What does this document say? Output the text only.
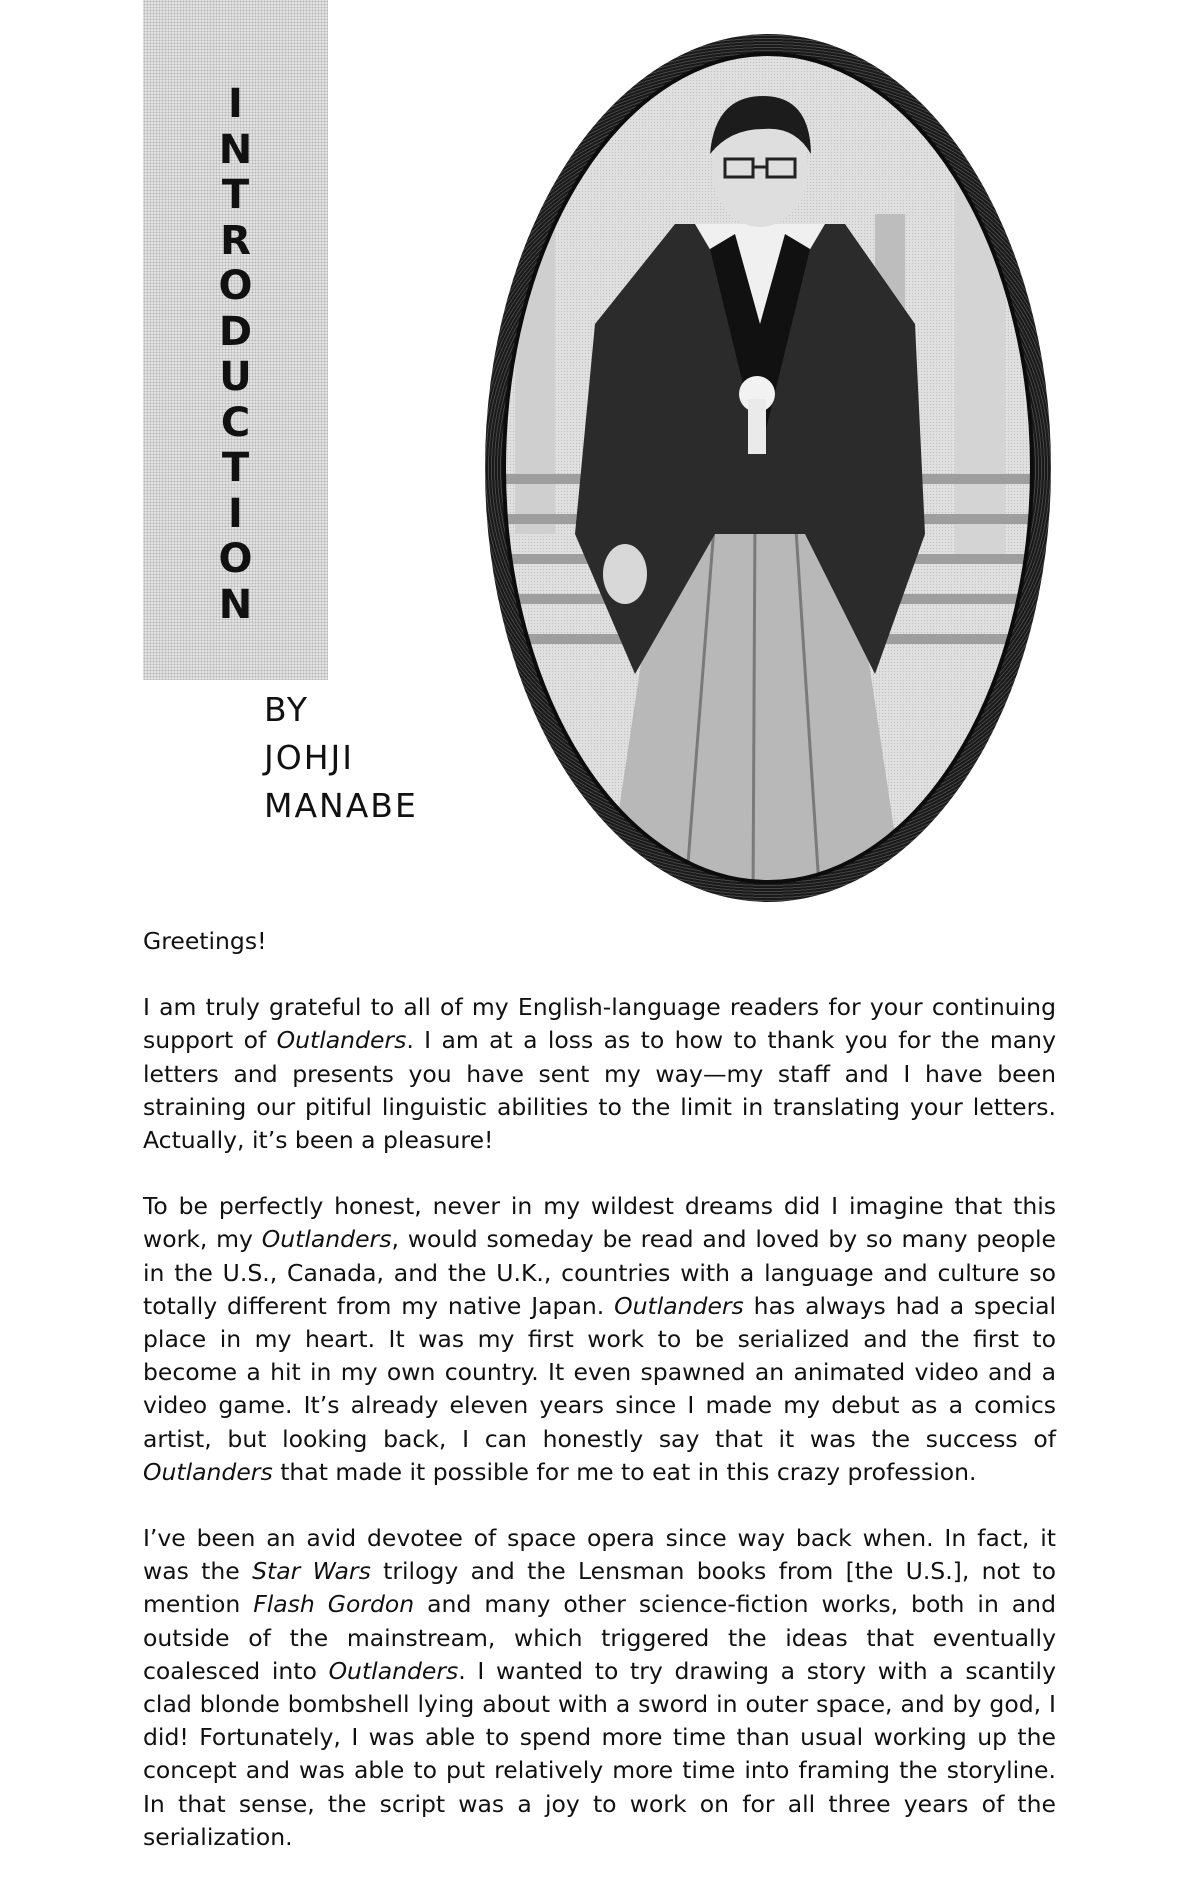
I
N
T
R
O
D
U
C
T
I
O
N
BY
JOHJI
MANABE

Greetings!

I am truly grateful to all of my English-language readers for your continuing support of Outlanders. I am at a loss as to how to thank you for the many letters and presents you have sent my way—my staff and I have been straining our pitiful linguistic abilities to the limit in translating your letters. Actually, it’s been a pleasure!

To be perfectly honest, never in my wildest dreams did I imagine that this work, my Outlanders, would someday be read and loved by so many people in the U.S., Canada, and the U.K., countries with a language and culture so totally different from my native Japan. Outlanders has always had a special place in my heart. It was my first work to be serialized and the first to become a hit in my own country. It even spawned an animated video and a video game. It’s already eleven years since I made my debut as a comics artist, but looking back, I can honestly say that it was the success of Outlanders that made it possible for me to eat in this crazy profession.

I’ve been an avid devotee of space opera since way back when. In fact, it was the Star Wars trilogy and the Lensman books from [the U.S.], not to mention Flash Gordon and many other science-fiction works, both in and outside of the mainstream, which triggered the ideas that eventually coalesced into Outlanders. I wanted to try drawing a story with a scantily clad blonde bombshell lying about with a sword in outer space, and by god, I did! Fortunately, I was able to spend more time than usual working up the concept and was able to put relatively more time into framing the storyline. In that sense, the script was a joy to work on for all three years of the serialization.
